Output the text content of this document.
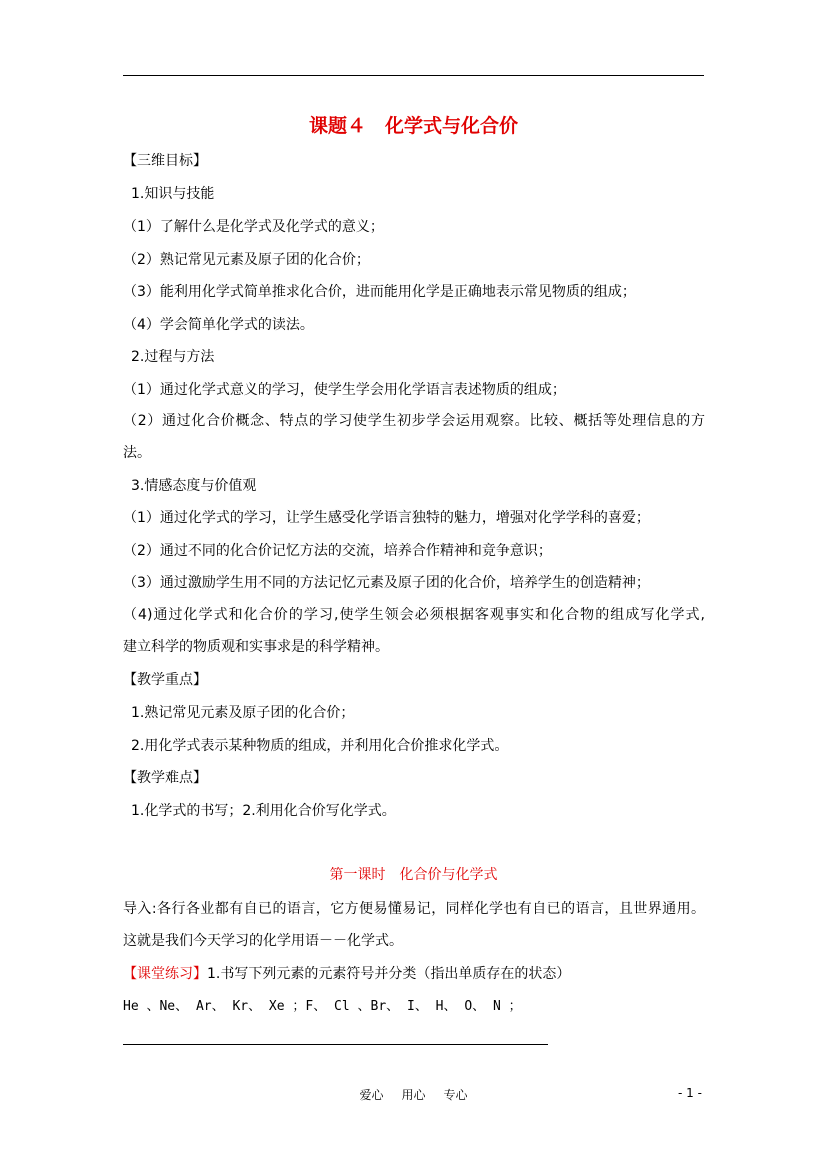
课题４　化学式与化合价
【三维目标】
1.知识与技能
（1）了解什么是化学式及化学式的意义；
（2）熟记常见元素及原子团的化合价；
（3）能利用化学式简单推求化合价，进而能用化学是正确地表示常见物质的组成；
（4）学会简单化学式的读法。
2.过程与方法
（1）通过化学式意义的学习，使学生学会用化学语言表述物质的组成；
（2）通过化合价概念、特点的学习使学生初步学会运用观察。比较、概括等处理信息的方
法。
3.情感态度与价值观
（1）通过化学式的学习，让学生感受化学语言独特的魅力，增强对化学学科的喜爱；
（2）通过不同的化合价记忆方法的交流，培养合作精神和竞争意识；
（3）通过激励学生用不同的方法记忆元素及原子团的化合价，培养学生的创造精神；
（4)通过化学式和化合价的学习,使学生领会必须根据客观事实和化合物的组成写化学式,
建立科学的物质观和实事求是的科学精神。
【教学重点】
1.熟记常见元素及原子团的化合价；
2.用化学式表示某种物质的组成，并利用化合价推求化学式。
【教学难点】
1.化学式的书写；2.利用化合价写化学式。
第一课时　化合价与化学式
导入:各行各业都有自已的语言，它方便易懂易记，同样化学也有自已的语言，且世界通用。
这就是我们今天学习的化学用语－－化学式。
【课堂练习】1.书写下列元素的元素符号并分类（指出单质存在的状态）
He 、Ne、 Ar、 Kr、 Xe ；F、 Cl 、Br、 I、 H、 O、 N ；
爱心 用心 专心	- 1 -
